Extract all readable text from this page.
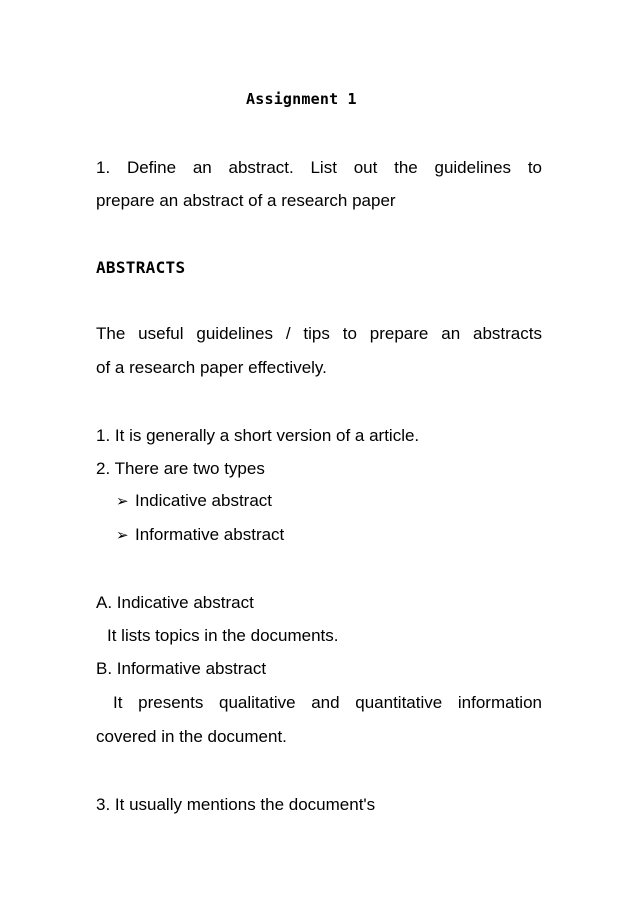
Assignment 1
1. Define an abstract. List out the guidelines to
prepare an abstract of a research paper
ABSTRACTS
The useful guidelines / tips to prepare an abstracts
of a research paper effectively.
1. It is generally a short version of a article.
2. There are two types
➢ Indicative abstract
➢ Informative abstract
A. Indicative abstract
It lists topics in the documents.
B. Informative abstract
It presents qualitative and quantitative information
covered in the document.
3. It usually mentions the document's
